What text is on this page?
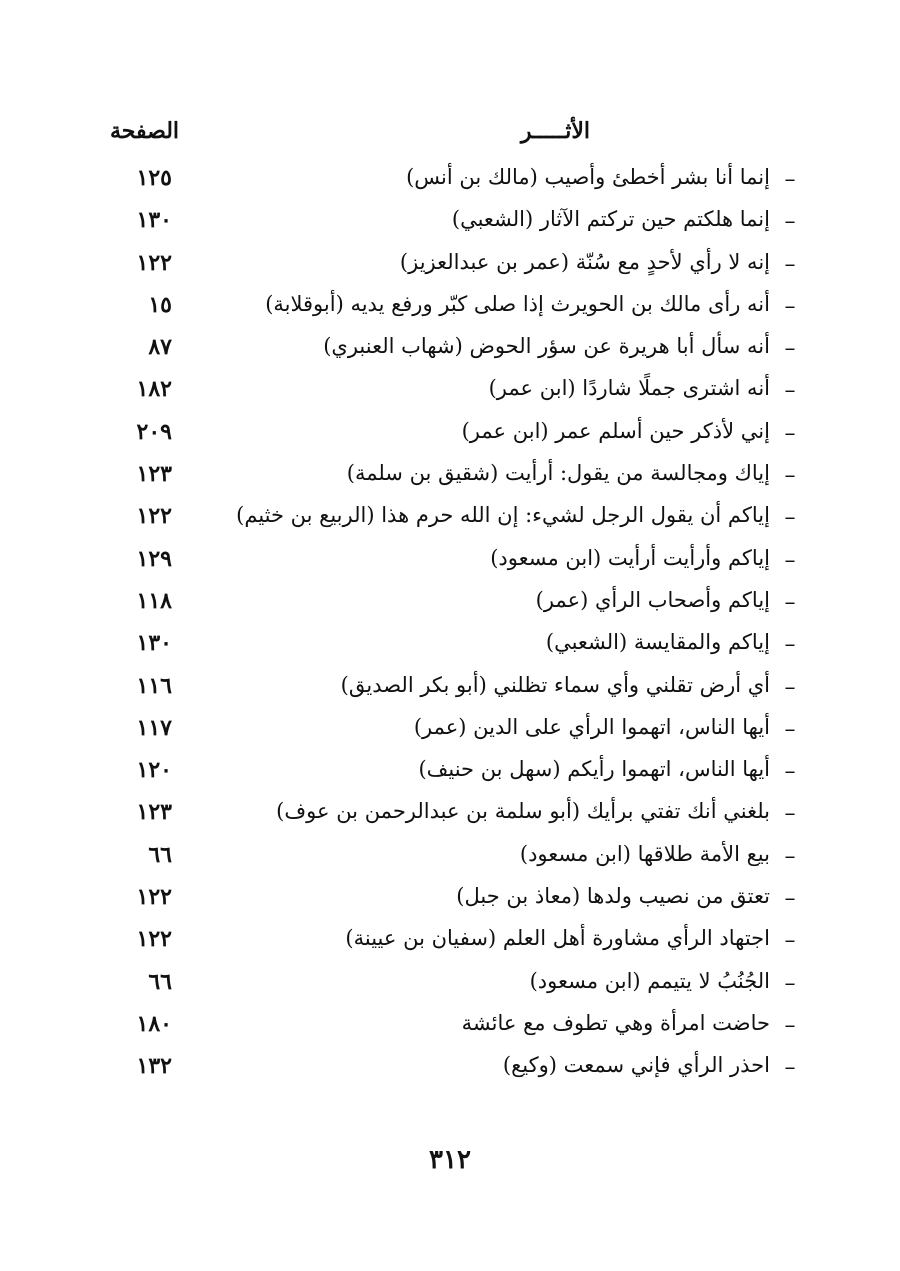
الأثـــــر
الصفحة
–
إنما أنا بشر أخطئ وأصيب (مالك بن أنس)
١٢٥
–
إنما هلكتم حين تركتم الآثار (الشعبي)
١٣٠
–
إنه لا رأي لأحدٍ مع سُنّة (عمر بن عبدالعزيز)
١٢٢
–
أنه رأى مالك بن الحويرث إذا صلى كبّر ورفع يديه (أبوقلابة)
١٥
–
أنه سأل أبا هريرة عن سؤر الحوض (شهاب العنبري)
٨٧
–
أنه اشترى جملًا شاردًا (ابن عمر)
١٨٢
–
إني لأذكر حين أسلم عمر (ابن عمر)
٢٠٩
–
إياك ومجالسة من يقول: أرأيت (شقيق بن سلمة)
١٢٣
–
إياكم أن يقول الرجل لشيء: إن الله حرم هذا (الربيع بن خثيم)
١٢٢
–
إياكم وأرأيت أرأيت (ابن مسعود)
١٢٩
–
إياكم وأصحاب الرأي (عمر)
١١٨
–
إياكم والمقايسة (الشعبي)
١٣٠
–
أي أرض تقلني وأي سماء تظلني (أبو بكر الصديق)
١١٦
–
أيها الناس، اتهموا الرأي على الدين (عمر)
١١٧
–
أيها الناس، اتهموا رأيكم (سهل بن حنيف)
١٢٠
–
بلغني أنك تفتي برأيك (أبو سلمة بن عبدالرحمن بن عوف)
١٢٣
–
بيع الأمة طلاقها (ابن مسعود)
٦٦
–
تعتق من نصيب ولدها (معاذ بن جبل)
١٢٢
–
اجتهاد الرأي مشاورة أهل العلم (سفيان بن عيينة)
١٢٢
–
الجُنُبُ لا يتيمم (ابن مسعود)
٦٦
–
حاضت امرأة وهي تطوف مع عائشة
١٨٠
–
احذر الرأي فإني سمعت (وكيع)
١٣٢
٣١٢
